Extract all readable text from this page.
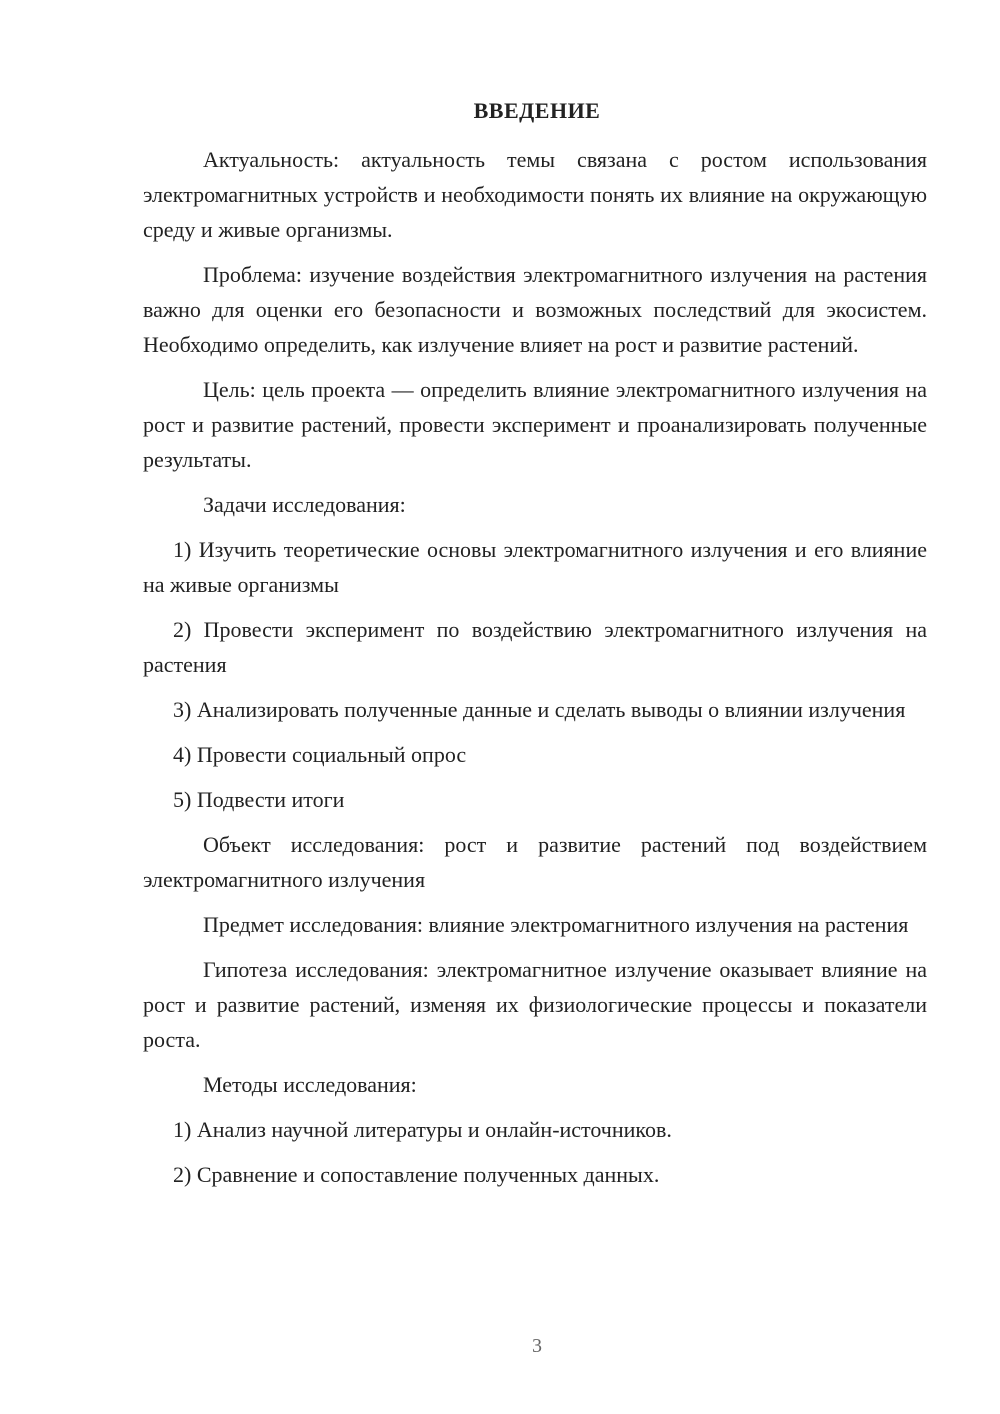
ВВЕДЕНИЕ

Актуальность: актуальность темы связана с ростом использования электромагнитных устройств и необходимости понять их влияние на окружающую среду и живые организмы.

Проблема: изучение воздействия электромагнитного излучения на растения важно для оценки его безопасности и возможных последствий для экосистем. Необходимо определить, как излучение влияет на рост и развитие растений.

Цель: цель проекта — определить влияние электромагнитного излучения на рост и развитие растений, провести эксперимент и проанализировать полученные результаты.

Задачи исследования:

1) Изучить теоретические основы электромагнитного излучения и его влияние на живые организмы

2) Провести эксперимент по воздействию электромагнитного излучения на растения

3) Анализировать полученные данные и сделать выводы о влиянии излучения

4) Провести социальный опрос

5) Подвести итоги

Объект исследования: рост и развитие растений под воздействием электромагнитного излучения

Предмет исследования: влияние электромагнитного излучения на растения

Гипотеза исследования: электромагнитное излучение оказывает влияние на рост и развитие растений, изменяя их физиологические процессы и показатели роста.

Методы исследования:

1) Анализ научной литературы и онлайн-источников.

2) Сравнение и сопоставление полученных данных.

3
